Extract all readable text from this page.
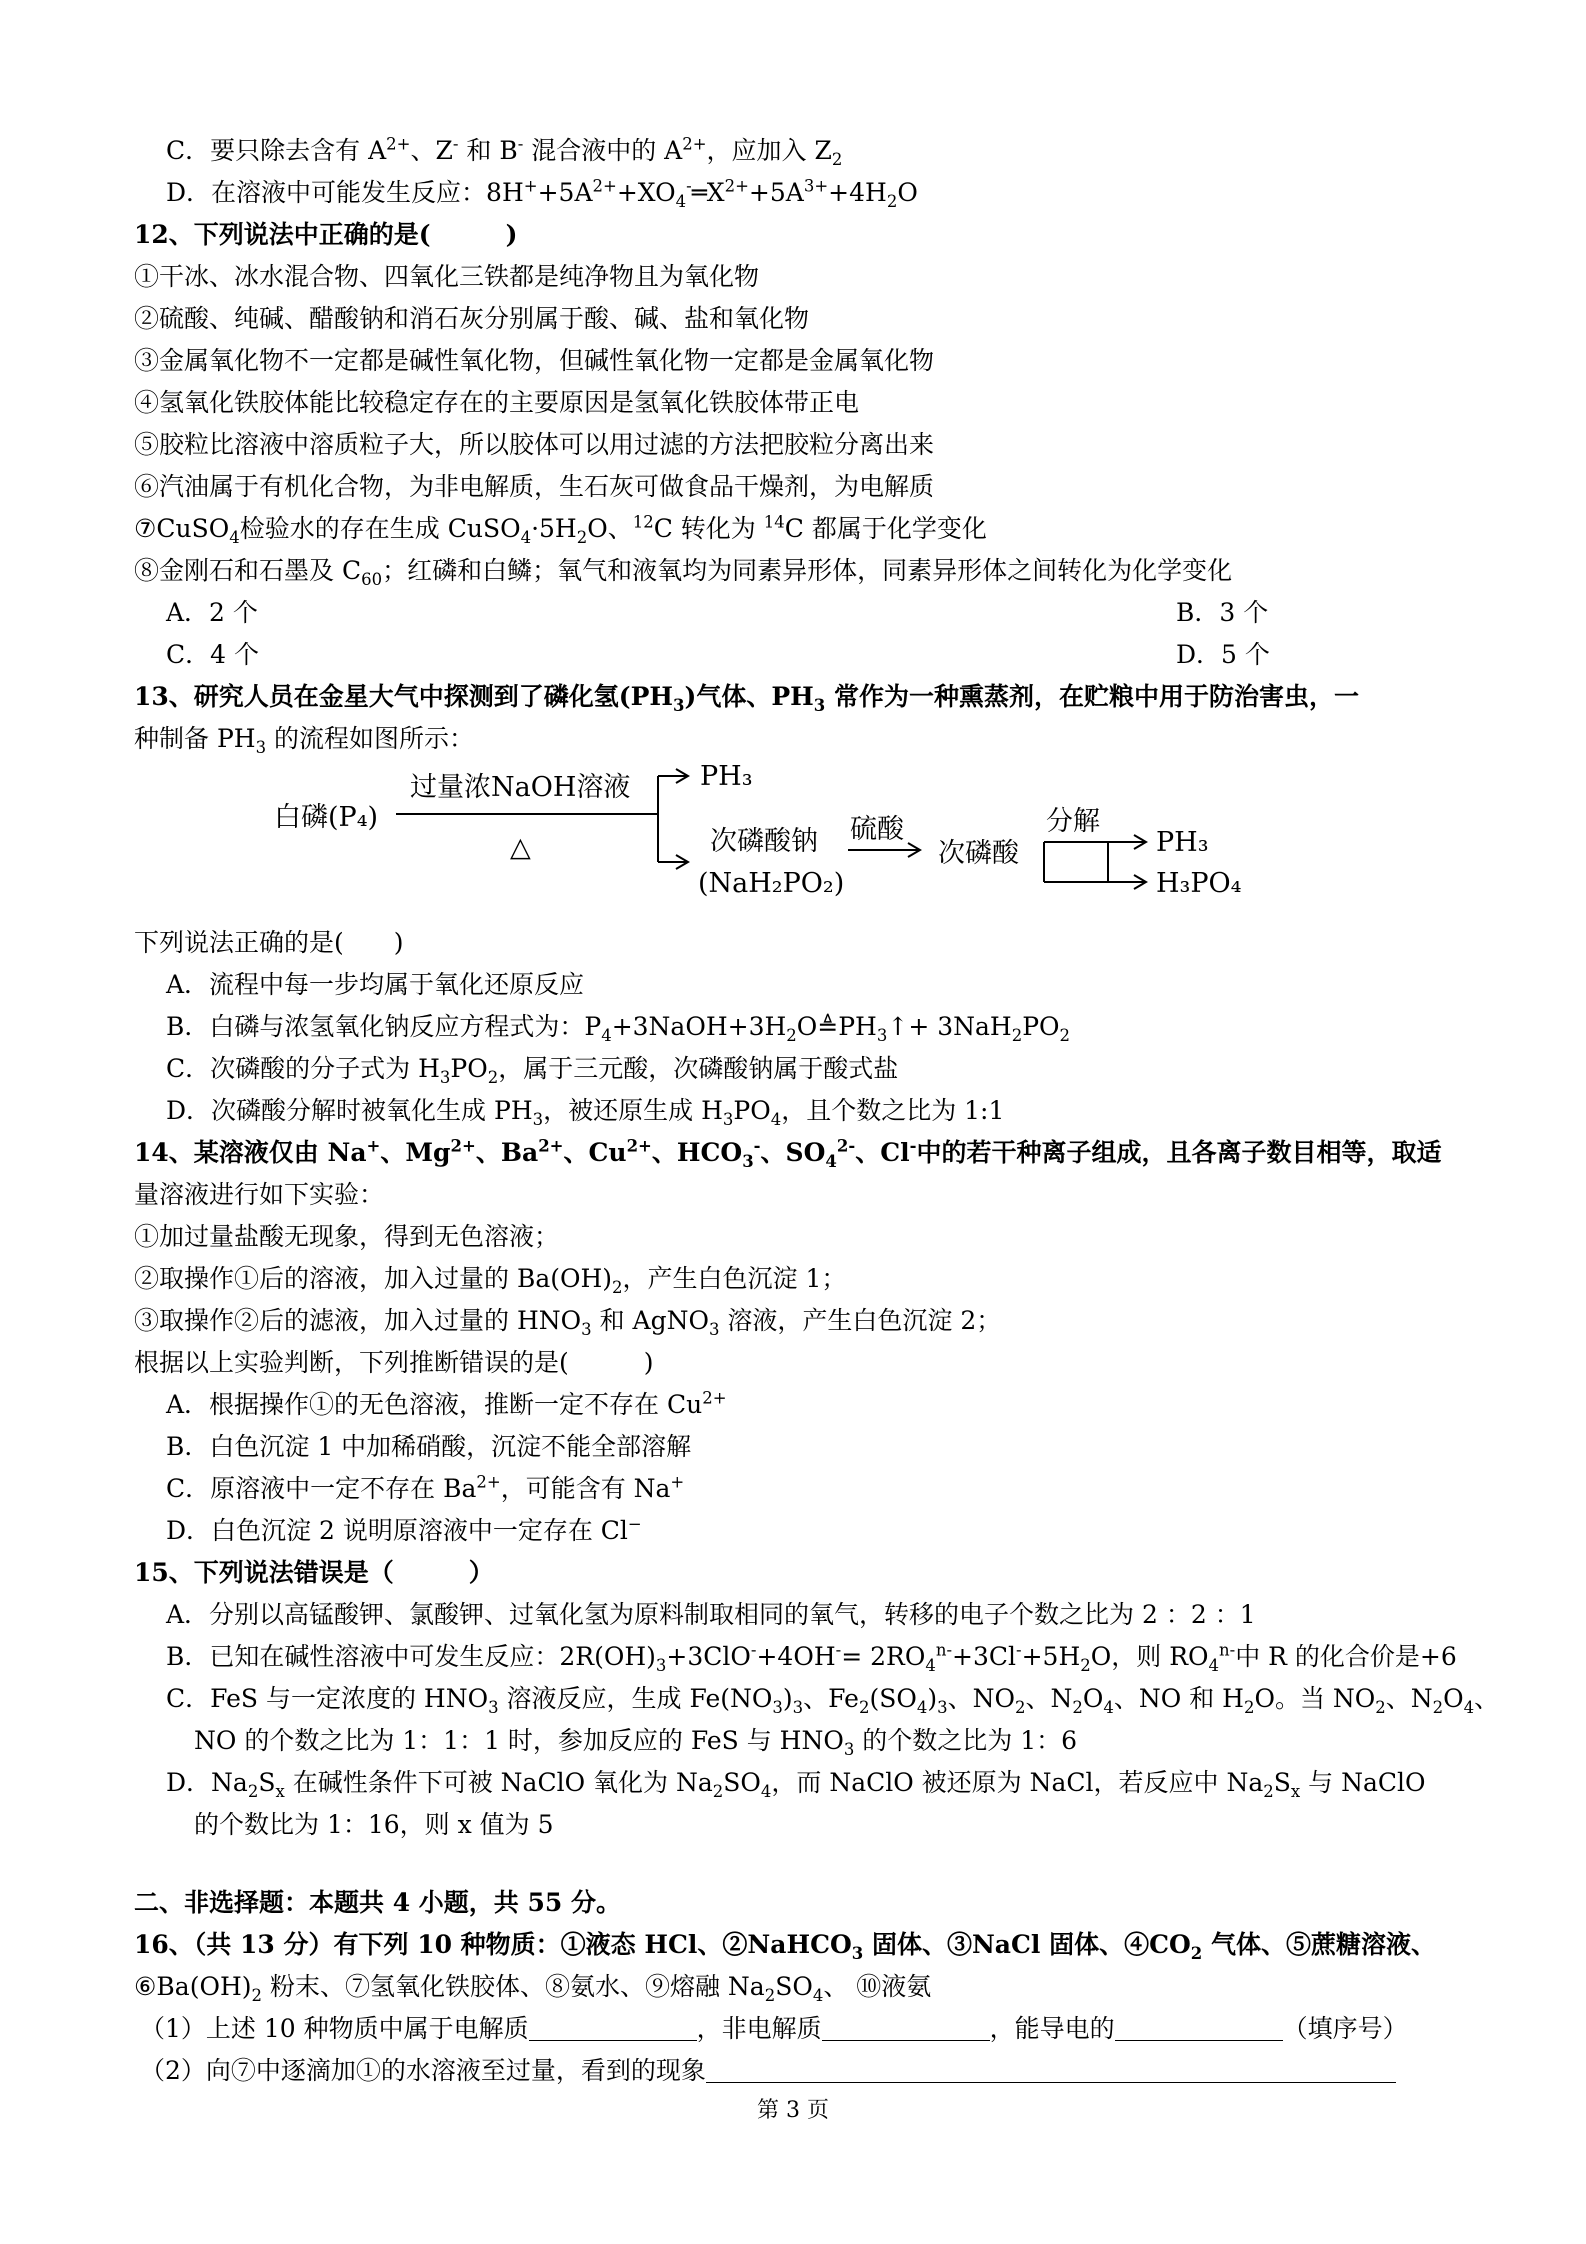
C．要只除去含有 $A^{2+}$、Z- 和 B- 混合液中的 $A^{2+}$，应加入 $Z_2$
D．在溶液中可能发生反应：$8H^++5A^{2+}+XO_4^-═X^{2+}+5A^{3+}+4H_2O$
12、下列说法中正确的是(　　　)
①干冰、冰水混合物、四氧化三铁都是纯净物且为氧化物
②硫酸、纯碱、醋酸钠和消石灰分别属于酸、碱、盐和氧化物
③金属氧化物不一定都是碱性氧化物，但碱性氧化物一定都是金属氧化物
④氢氧化铁胶体能比较稳定存在的主要原因是氢氧化铁胶体带正电
⑤胶粒比溶液中溶质粒子大，所以胶体可以用过滤的方法把胶粒分离出来
⑥汽油属于有机化合物，为非电解质，生石灰可做食品干燥剂，为电解质
⑦CuSO$_4$检验水的存在生成 $CuSO_4\cdot 5H_2O$、$^{12}$C 转化为 $^{14}$C 都属于化学变化
⑧金刚石和石墨及 $C_{60}$；红磷和白鳞；氧气和液氧均为同素异形体，同素异形体之间转化为化学变化
A．2 个	B．3 个
C．4 个	D．5 个
13、研究人员在金星大气中探测到了磷化氢$(PH_3)$气体、$PH_3$ 常作为一种熏蒸剂，在贮粮中用于防治害虫，一
种制备 $PH_3$ 的流程如图所示：
白磷(P₄)
过量浓NaOH溶液
△
PH₃
次磷酸钠
(NaH₂PO₂)
硫酸
次磷酸
分解
PH₃
H₃PO₄
下列说法正确的是(　　)
A．流程中每一步均属于氧化还原反应
B．白磷与浓氢氧化钠反应方程式为：$P_4+3NaOH+3H_2O≜PH_3↑+ 3NaH_2PO_2$
C．次磷酸的分子式为 $H_3PO_2$，属于三元酸，次磷酸钠属于酸式盐
D．次磷酸分解时被氧化生成 $PH_3$，被还原生成 $H_3PO_4$，且个数之比为 1:1
14、某溶液仅由 Na+、$Mg^{2+}$、$Ba^{2+}$、$Cu^{2+}$、$HCO_3^-$、$SO_4^{2-}$、Cl-中的若干种离子组成，且各离子数目相等，取适
量溶液进行如下实验：
①加过量盐酸无现象，得到无色溶液；
②取操作①后的溶液，加入过量的 $Ba(OH)_2$，产生白色沉淀 1；
③取操作②后的滤液，加入过量的 $HNO_3$ 和 AgNO$_3$ 溶液，产生白色沉淀 2；
根据以上实验判断，下列推断错误的是(　　　)
A．根据操作①的无色溶液，推断一定不存在 $Cu^{2+}$
B．白色沉淀 1 中加稀硝酸，沉淀不能全部溶解
C．原溶液中一定不存在 $Ba^{2+}$，可能含有 Na+
D．白色沉淀 2 说明原溶液中一定存在 Cl−
15、下列说法错误是（　　　）
A．分别以高锰酸钾、氯酸钾、过氧化氢为原料制取相同的氧气，转移的电子个数之比为 2 ：2 ：1
B．已知在碱性溶液中可发生反应：$2R(OH)_3+3ClO^-+4OH^-= 2RO_4^{n-}+3Cl^-+5H_2O$，则 $RO_4^{n-}$中 R 的化合价是+6
C．FeS 与一定浓度的 $HNO_3$ 溶液反应，生成 $Fe(NO_3)_3$、$Fe_2(SO_4)_3$、$NO_2$、$N_2O_4$、NO 和 $H_2O$。当 $NO_2$、$N_2O_4$、
NO 的个数之比为 1：1：1 时，参加反应的 FeS 与 $HNO_3$ 的个数之比为 1：6
D．$Na_2S_x$ 在碱性条件下可被 NaClO 氧化为 $Na_2SO_4$，而 NaClO 被还原为 NaCl，若反应中 $Na_2S_x$ 与 NaClO
的个数比为 1：16，则 x 值为 5
二、非选择题：本题共 4 小题，共 55 分。
16、（共 13 分）有下列 10 种物质：①液态 HCl、②NaHCO$_3$ 固体、③NaCl 固体、$④CO_2$ 气体、⑤蔗糖溶液、
$⑥Ba(OH)_2$ 粉末、⑦氢氧化铁胶体、⑧氨水、⑨熔融 $Na_2SO_4$、 ⑩液氨
（1）上述 10 种物质中属于电解质	，非电解质	，能导电的	（填序号）
（2）向⑦中逐滴加①的水溶液至过量，看到的现象
第 3 页
